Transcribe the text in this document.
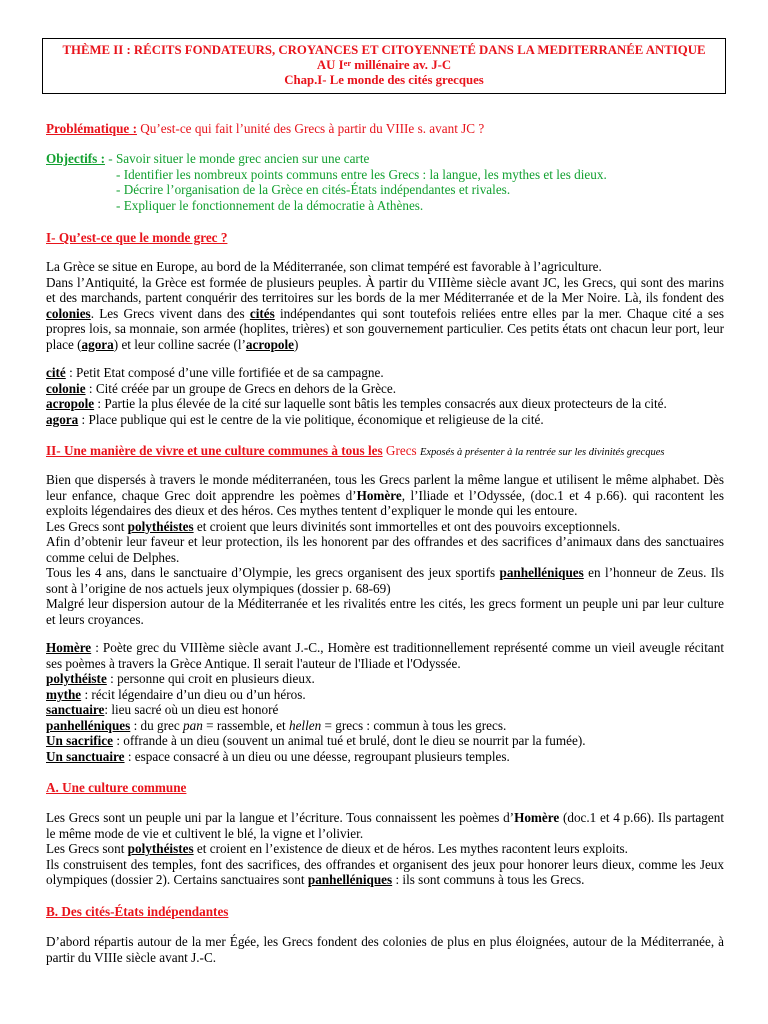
THÈME II : RÉCITS FONDATEURS, CROYANCES ET CITOYENNETÉ DANS LA MEDITERRANÉE ANTIQUE
AU Ier millénaire av. J-C
Chap.I- Le monde des cités grecques
Problématique : Qu’est-ce qui fait l’unité des Grecs à partir du VIIIe s. avant JC ?
Objectifs : - Savoir situer le monde grec ancien sur une carte
- Identifier les nombreux points communs entre les Grecs : la langue, les mythes et les dieux.
- Décrire l’organisation de la Grèce en cités-États indépendantes et rivales.
- Expliquer le fonctionnement de la démocratie à Athènes.
I- Qu’est-ce que le monde grec ?
La Grèce se situe en Europe, au bord de la Méditerranée, son climat tempéré est favorable à l’agriculture.
Dans l’Antiquité, la Grèce est formée de plusieurs peuples. À partir du VIIIème siècle avant JC, les Grecs, qui sont des marins et des marchands, partent conquérir des territoires sur les bords de la mer Méditerranée et de la Mer Noire. Là, ils fondent des colonies. Les Grecs vivent dans des cités indépendantes qui sont toutefois reliées entre elles par la mer. Chaque cité a ses propres lois, sa monnaie, son armée (hoplites, trières) et son gouvernement particulier. Ces petits états ont chacun leur port, leur place (agora) et leur colline sacrée (l’acropole)
cité : Petit Etat composé d’une ville fortifiée et de sa campagne.
colonie : Cité créée par un groupe de Grecs en dehors de la Grèce.
acropole : Partie la plus élevée de la cité sur laquelle sont bâtis les temples consacrés aux dieux protecteurs de la cité.
agora : Place publique qui est le centre de la vie politique, économique et religieuse de la cité.
II- Une manière de vivre et une culture communes à tous les Grecs Exposés à présenter à la rentrée sur les divinités grecques
Bien que dispersés à travers le monde méditerranéen, tous les Grecs parlent la même langue et utilisent le même alphabet. Dès leur enfance, chaque Grec doit apprendre les poèmes d’Homère, l’Iliade et l’Odyssée, (doc.1 et 4 p.66). qui racontent les exploits légendaires des dieux et des héros. Ces mythes tentent d’expliquer le monde qui les entoure.
Les Grecs sont polythéistes et croient que leurs divinités sont immortelles et ont des pouvoirs exceptionnels.
Afin d’obtenir leur faveur et leur protection, ils les honorent par des offrandes et des sacrifices d’animaux dans des sanctuaires comme celui de Delphes.
Tous les 4 ans, dans le sanctuaire d’Olympie, les grecs organisent des jeux sportifs panhelléniques en l’honneur de Zeus. Ils sont à l’origine de nos actuels jeux olympiques (dossier p. 68-69)
Malgré leur dispersion autour de la Méditerranée et les rivalités entre les cités, les grecs forment un peuple uni par leur culture et leurs croyances.
Homère : Poète grec du VIIIème siècle avant J.-C., Homère est traditionnellement représenté comme un vieil aveugle récitant ses poèmes à travers la Grèce Antique. Il serait l'auteur de l'Iliade et l'Odyssée.
polythéiste : personne qui croit en plusieurs dieux.
mythe : récit légendaire d’un dieu ou d’un héros.
sanctuaire: lieu sacré où un dieu est honoré
panhelléniques : du grec pan = rassemble, et hellen = grecs : commun à tous les grecs.
Un sacrifice : offrande à un dieu (souvent un animal tué et brulé, dont le dieu se nourrit par la fumée).
Un sanctuaire : espace consacré à un dieu ou une déesse, regroupant plusieurs temples.
A. Une culture commune
Les Grecs sont un peuple uni par la langue et l’écriture. Tous connaissent les poèmes d’Homère (doc.1 et 4 p.66). Ils partagent le même mode de vie et cultivent le blé, la vigne et l’olivier.
Les Grecs sont polythéistes et croient en l’existence de dieux et de héros. Les mythes racontent leurs exploits.
Ils construisent des temples, font des sacrifices, des offrandes et organisent des jeux pour honorer leurs dieux, comme les Jeux olympiques (dossier 2). Certains sanctuaires sont panhelléniques : ils sont communs à tous les Grecs.
B. Des cités-États indépendantes
D’abord répartis autour de la mer Égée, les Grecs fondent des colonies de plus en plus éloignées, autour de la Méditerranée, à partir du VIIIe siècle avant J.-C.
